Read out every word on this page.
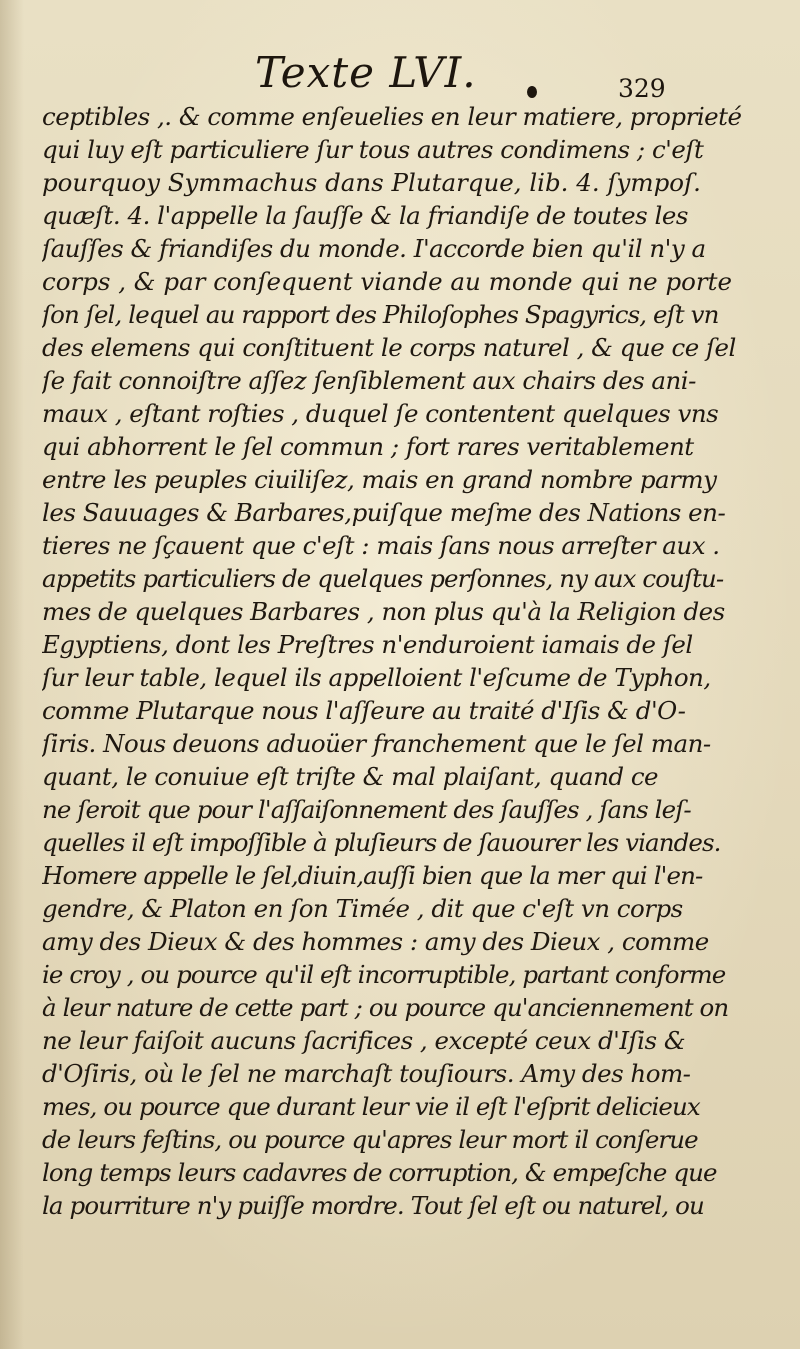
Texte LVI.	329
ceptibles ,. & comme enſeuelies en leur matiere, proprieté
qui luy eſt particuliere ſur tous autres condimens ; c'eſt
pourquoy Symmachus dans Plutarque, lib. 4. ſympoſ.
quæſt. 4. l'appelle la ſauſſe & la friandiſe de toutes les
ſauſſes & friandiſes du monde. I'accorde bien qu'il n'y a
corps , & par conſequent viande au monde qui ne porte
ſon ſel, lequel au rapport des Philoſophes Spagyrics, eſt vn
des elemens qui conſtituent le corps naturel , & que ce ſel
ſe fait connoiſtre aſſez ſenſiblement aux chairs des ani-
maux , eſtant roſties , duquel ſe contentent quelques vns
qui abhorrent le ſel commun ; fort rares veritablement
entre les peuples ciuiliſez, mais en grand nombre parmy
les Sauuages & Barbares,puiſque meſme des Nations en-
tieres ne ſçauent que c'eſt : mais ſans nous arreſter aux .
appetits particuliers de quelques perſonnes, ny aux couſtu-
mes de quelques Barbares , non plus qu'à la Religion des
Egyptiens, dont les Preſtres n'enduroient iamais de ſel
ſur leur table, lequel ils appelloient l'eſcume de Typhon,
comme Plutarque nous l'aſſeure au traité d'Iſis & d'O-
ſiris. Nous deuons aduoüer franchement que le ſel man-
quant, le conuiue eſt triſte & mal plaiſant, quand ce
ne ſeroit que pour l'aſſaiſonnement des ſauſſes , ſans leſ-
quelles il eſt impoſſible à pluſieurs de ſauourer les viandes.
Homere appelle le ſel,diuin,auſſi bien que la mer qui l'en-
gendre, & Platon en ſon Timée , dit que c'eſt vn corps
amy des Dieux & des hommes : amy des Dieux , comme
ie croy , ou pource qu'il eſt incorruptible, partant conforme
à leur nature de cette part ; ou pource qu'anciennement on
ne leur faiſoit aucuns ſacrifices , excepté ceux d'Iſis &
d'Oſiris, où le ſel ne marchaſt touſiours. Amy des hom-
mes, ou pource que durant leur vie il eſt l'eſprit delicieux
de leurs feſtins, ou pource qu'apres leur mort il conſerue
long temps leurs cadavres de corruption, & empeſche que
la pourriture n'y puiſſe mordre. Tout ſel eſt ou naturel, ou
